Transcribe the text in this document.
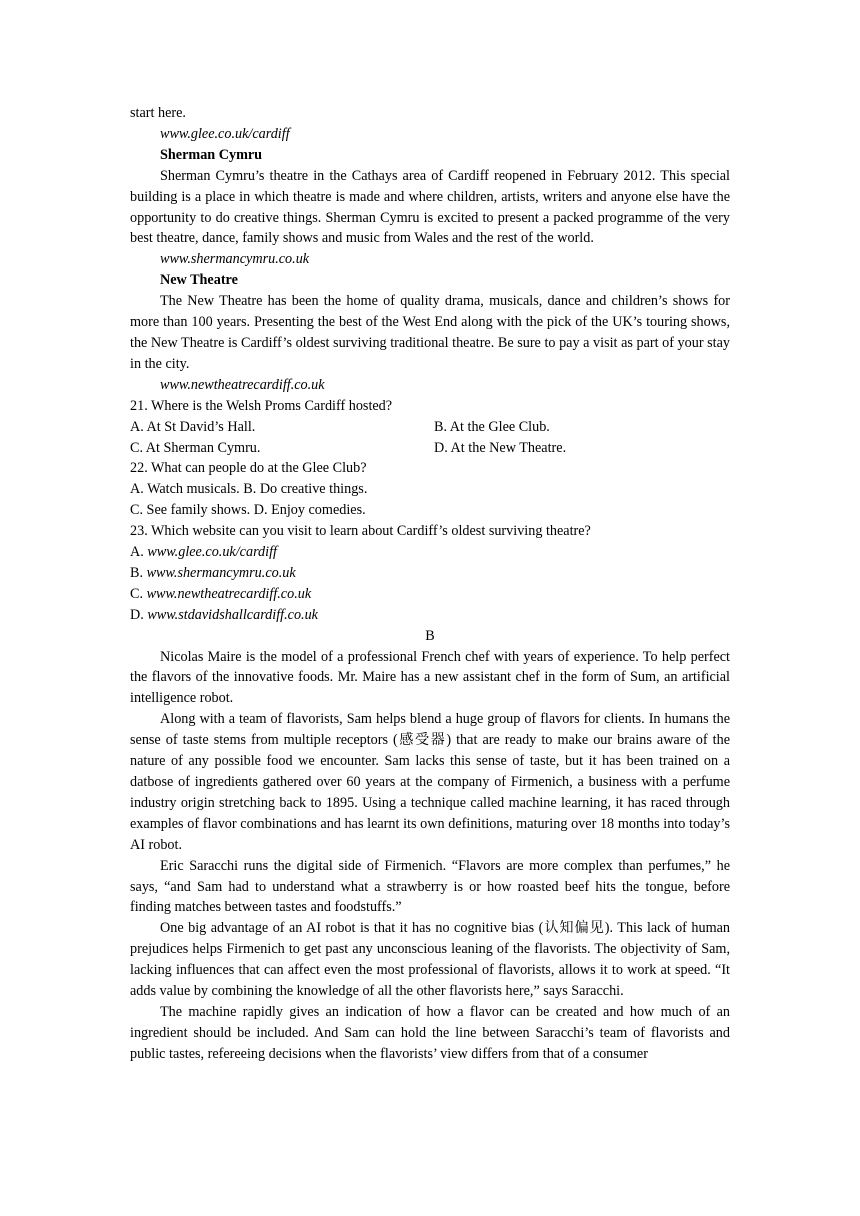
start here.

www.glee.co.uk/cardiff

Sherman Cymru

Sherman Cymru’s theatre in the Cathays area of Cardiff reopened in February 2012. This special building is a place in which theatre is made and where children, artists, writers and anyone else have the opportunity to do creative things. Sherman Cymru is excited to present a packed programme of the very best theatre, dance, family shows and music from Wales and the rest of the world.

www.shermancymru.co.uk

New Theatre

The New Theatre has been the home of quality drama, musicals, dance and children’s shows for more than 100 years. Presenting the best of the West End along with the pick of the UK’s touring shows, the New Theatre is Cardiff’s oldest surviving traditional theatre. Be sure to pay a visit as part of your stay in the city.

www.newtheatrecardiff.co.uk

21. Where is the Welsh Proms Cardiff hosted?

A. At St David’s Hall.	B. At the Glee Club.
C. At Sherman Cymru.	D. At the New Theatre.

22. What can people do at the Glee Club?

A. Watch musicals. B. Do creative things.

C. See family shows. D. Enjoy comedies.

23. Which website can you visit to learn about Cardiff’s oldest surviving theatre?

A. www.glee.co.uk/cardiff

B. www.shermancymru.co.uk

C. www.newtheatrecardiff.co.uk

D. www.stdavidshallcardiff.co.uk

B

Nicolas Maire is the model of a professional French chef with years of experience. To help perfect the flavors of the innovative foods. Mr. Maire has a new assistant chef in the form of Sum, an artificial intelligence robot.

Along with a team of flavorists, Sam helps blend a huge group of flavors for clients. In humans the sense of taste stems from multiple receptors (感受器) that are ready to make our brains aware of the nature of any possible food we encounter. Sam lacks this sense of taste, but it has been trained on a datbose of ingredients gathered over 60 years at the company of Firmenich, a business with a perfume industry origin stretching back to 1895. Using a technique called machine learning, it has raced through examples of flavor combinations and has learnt its own definitions, maturing over 18 months into today’s AI robot.

Eric Saracchi runs the digital side of Firmenich. “Flavors are more complex than perfumes,” he says, “and Sam had to understand what a strawberry is or how roasted beef hits the tongue, before finding matches between tastes and foodstuffs.”

One big advantage of an AI robot is that it has no cognitive bias (认知偏见). This lack of human prejudices helps Firmenich to get past any unconscious leaning of the flavorists. The objectivity of Sam, lacking influences that can affect even the most professional of flavorists, allows it to work at speed. “It adds value by combining the knowledge of all the other flavorists here,” says Saracchi.

The machine rapidly gives an indication of how a flavor can be created and how much of an ingredient should be included. And Sam can hold the line between Saracchi’s team of flavorists and public tastes, refereeing decisions when the flavorists’ view differs from that of a consumer
